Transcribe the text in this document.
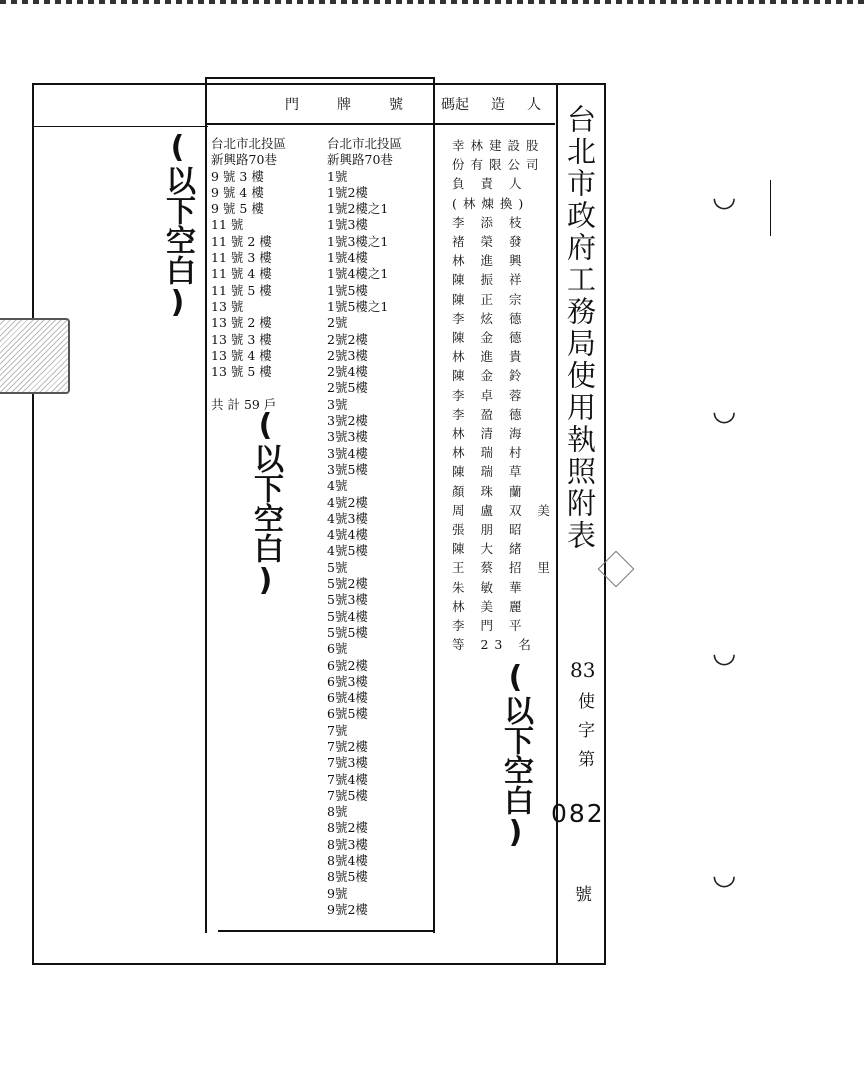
門　牌　號　碼
起　造　人 台北市政府工務局使用執照附表
83
使字第
082
號
幸林建設股
份有限公司
負 責 人
(林煉換)
李 添 枝
褚 榮 發
林 進 興
陳 振 祥
陳 正 宗
李 炫 德
陳 金 德
林 進 貴
陳 金 鈴
李 卓 蓉
李 盈 德
林 清 海
林 瑞 村
陳 瑞 草
顏 珠 蘭
周 盧 双 美
張 朋 昭
陳 大 緒
王 蔡 招 里
朱 敏 華
林 美 麗
李 門 平
等 23 名
台北市北投區
新興路70巷
9 號 3 樓
9 號 4 樓
9 號 5 樓
11 號
11 號 2 樓
11 號 3 樓
11 號 4 樓
11 號 5 樓
13 號
13 號 2 樓
13 號 3 樓
13 號 4 樓
13 號 5 樓

共 計 59 戶
台北市北投區
新興路70巷
1號
1號2樓
1號2樓之1
1號3樓
1號3樓之1
1號4樓
1號4樓之1
1號5樓
1號5樓之1
2號
2號2樓
2號3樓
2號4樓
2號5樓
3號
3號2樓
3號3樓
3號4樓
3號5樓
4號
4號2樓
4號3樓
4號4樓
4號5樓
5號
5號2樓
5號3樓
5號4樓
5號5樓
6號
6號2樓
6號3樓
6號4樓
6號5樓
7號
7號2樓
7號3樓
7號4樓
7號5樓
8號
8號2樓
8號3樓
8號4樓
8號5樓
9號
9號2樓
(以下空白)
(以下空白)
(以下空白)
◡
◡
◡
◡
